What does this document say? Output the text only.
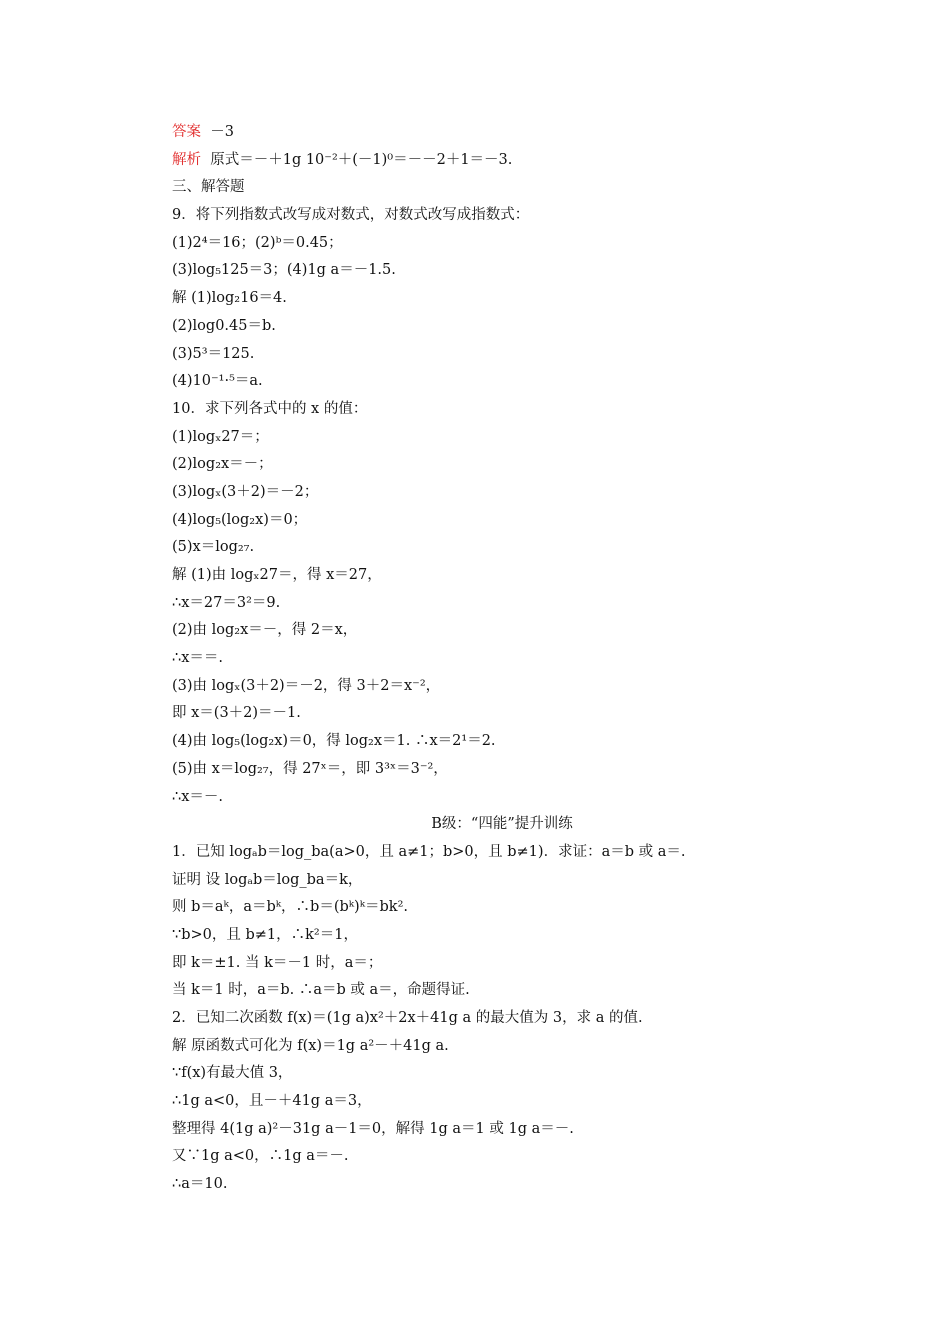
答案  －3
解析  原式＝－＋1g 10⁻²＋(－1)⁰＝－－2＋1＝－3.
三、解答题
9．将下列指数式改写成对数式，对数式改写成指数式：
(1)2⁴＝16；(2)ᵇ＝0.45；
(3)log₅125＝3；(4)1g a＝－1.5.
解 (1)log₂16＝4.
(2)log0.45＝b.
(3)5³＝125.
(4)10⁻¹·⁵＝a.
10．求下列各式中的 x 的值：
(1)logₓ27＝；
(2)log₂x＝－；
(3)logₓ(3＋2)＝－2；
(4)log₅(log₂x)＝0；
(5)x＝log₂₇.
解 (1)由 logₓ27＝，得 x＝27，
∴x＝27＝3²＝9.
(2)由 log₂x＝－，得 2＝x，
∴x＝＝.
(3)由 logₓ(3＋2)＝－2，得 3＋2＝x⁻²，
即 x＝(3＋2)＝－1.
(4)由 log₅(log₂x)＝0，得 log₂x＝1. ∴x＝2¹＝2.
(5)由 x＝log₂₇，得 27ˣ＝，即 3³ˣ＝3⁻²，
∴x＝－.
B级：“四能”提升训练
1．已知 logₐb＝log_ba(a>0，且 a≠1；b>0，且 b≠1)．求证：a＝b 或 a＝.
证明 设 logₐb＝log_ba＝k，
则 b＝aᵏ，a＝bᵏ，∴b＝(bᵏ)ᵏ＝bk².
∵b>0，且 b≠1，∴k²＝1，
即 k＝±1. 当 k＝－1 时，a＝；
当 k＝1 时，a＝b. ∴a＝b 或 a＝，命题得证.
2．已知二次函数 f(x)＝(1g a)x²＋2x＋41g a 的最大值为 3，求 a 的值.
解 原函数式可化为 f(x)＝1g a²－＋41g a.
∵f(x)有最大值 3，
∴1g a<0，且－＋41g a＝3，
整理得 4(1g a)²－31g a－1＝0，解得 1g a＝1 或 1g a＝－.
又∵1g a<0，∴1g a＝－.
∴a＝10.
